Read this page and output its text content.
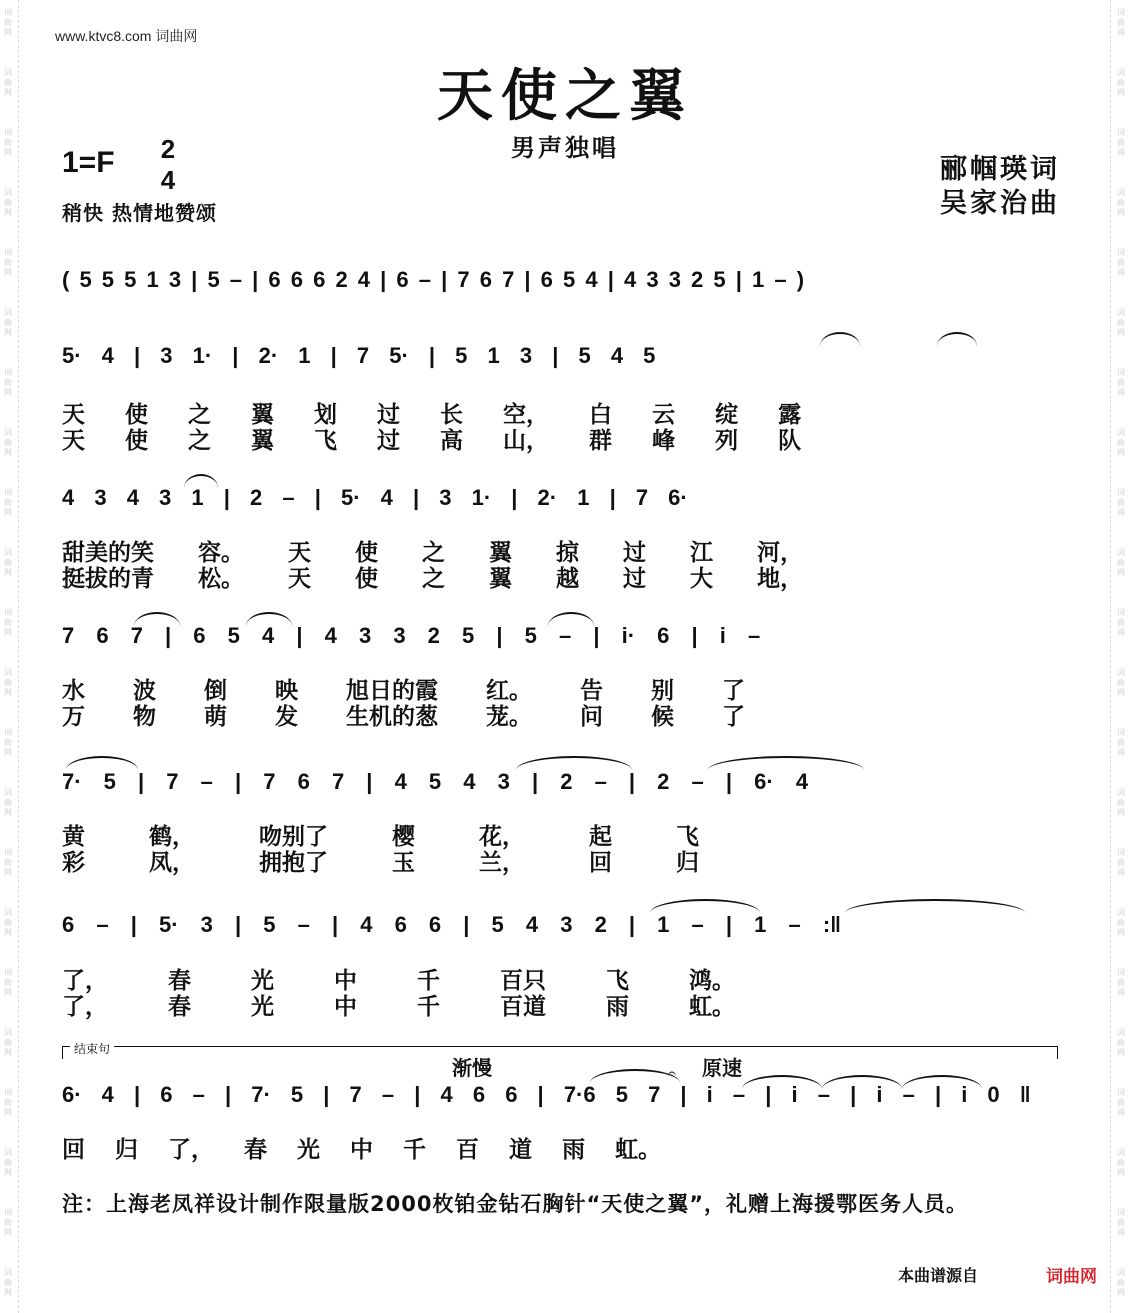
词
曲
网
词
曲
网
词
曲
网
词
曲
网
词
曲
网
词
曲
网
词
曲
网
词
曲
网
词
曲
网
词
曲
网
词
曲
网
词
曲
网
词
曲
网
词
曲
网
词
曲
网
词
曲
网
词
曲
网
词
曲
网
词
曲
网
词
曲
网
词
曲
网
词
曲
网
词
曲
网
词
曲
网
词
曲
网
词
曲
网
词
曲
网
词
曲
网
词
曲
网
词
曲
网
词
曲
网
词
曲
网
词
曲
网
词
曲
网
词
曲
网
词
曲
网
词
曲
网
词
曲
网
词
曲
网
词
曲
网
词
曲
网
词
曲
网
词
曲
网
词
曲
网
www.ktvc8.com 词曲网
天使之翼
男声独唱
1=F 2
4
稍快 热情地赞颂
郦帼瑛词
吴家治曲
( 5 5 5 1 3 | 5 – | 6 6 6 2 4 | 6 – | 7 6 7 | 6 5 4 | 4 3 3 2 5 | 1 – )
5· 4 | 3 1· | 2· 1 | 7 5· | 5 1 3 | 5 4 5
天 使 之 翼 划 过 长 空， 白 云 绽 露
天 使 之 翼 飞 过 高 山， 群 峰 列 队
4 3 4 3 1 | 2 – | 5· 4 | 3 1· | 2· 1 | 7 6·
甜美的笑 容。 天 使 之 翼 掠 过 江 河，
挺拔的青 松。 天 使 之 翼 越 过 大 地，
7 6 7 | 6 5 4 | 4 3 3 2 5 | 5 – | i· 6 | i –
水 波 倒 映 旭日的霞 红。 告 别 了
万 物 萌 发 生机的葱 茏。 问 候 了
7· 5 | 7 – | 7 6 7 | 4 5 4 3 | 2 – | 2 – | 6· 4
黄 鹤， 吻别了 樱 花， 起 飞
彩 凤， 拥抱了 玉 兰， 回 归
6 – | 5· 3 | 5 – | 4 6 6 | 5 4 3 2 | 1 – | 1 – :‖
了， 春 光 中 千 百只 飞 鸿。
了， 春 光 中 千 百道 雨 虹。
结束句
渐慢	原速
𝄐
6· 4 | 6 – | 7· 5 | 7 – | 4 6 6 | 7·6 5 7 | i – | i – | i – | i 0 ‖
回 归 了， 春 光 中 千 百 道 雨 虹。
注：上海老凤祥设计制作限量版2000枚铂金钻石胸针“天使之翼”，礼赠上海援鄂医务人员。
本曲谱源自	词曲网
